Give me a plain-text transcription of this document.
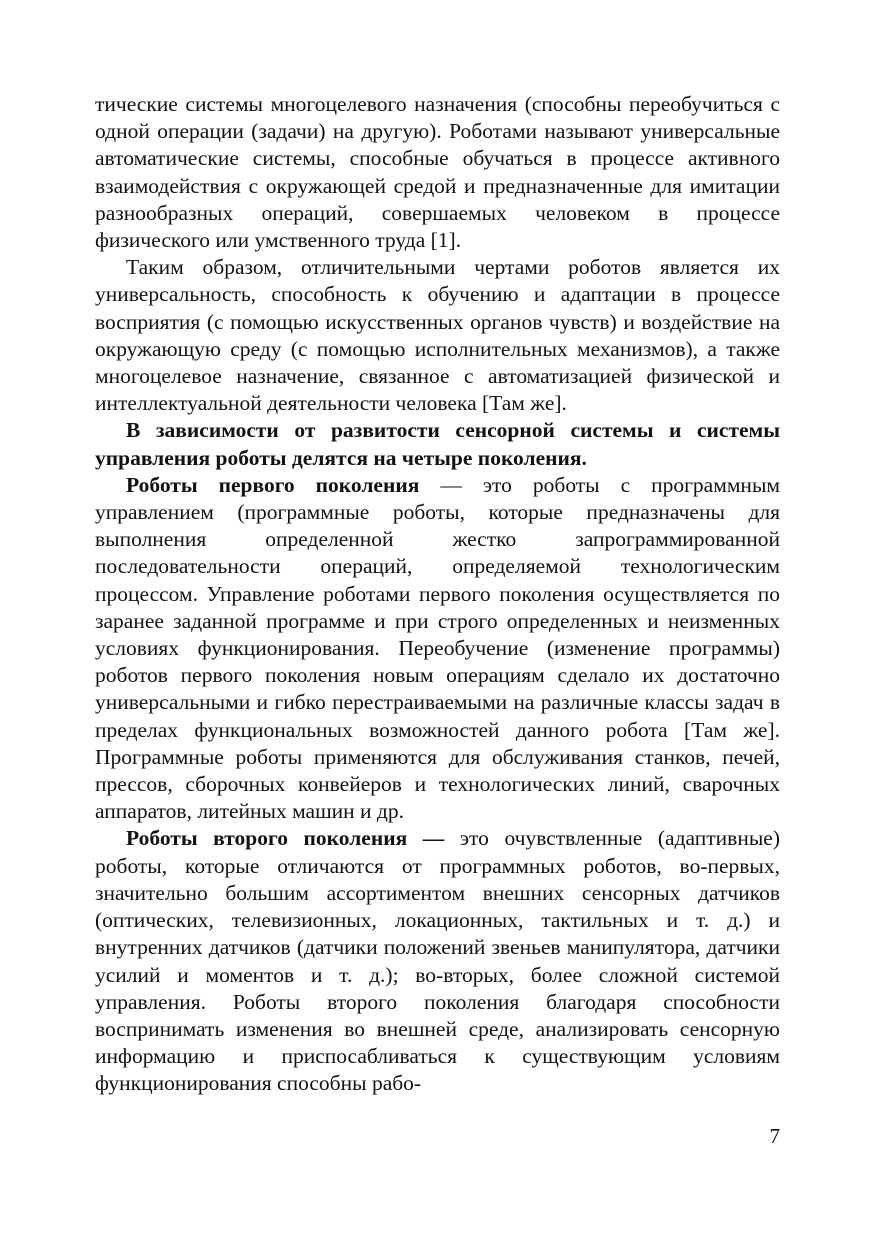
тические системы многоцелевого назначения (способны переобучиться с одной операции (задачи) на другую). Роботами называют универсальные автоматические системы, способные обучаться в процессе активного взаимодействия с окружающей средой и предназначенные для имитации разнообразных операций, совершаемых человеком в процессе физического или умственного труда [1].

Таким образом, отличительными чертами роботов является их универсальность, способность к обучению и адаптации в процессе восприятия (с помощью искусственных органов чувств) и воздействие на окружающую среду (с помощью исполнительных механизмов), а также многоцелевое назначение, связанное с автоматизацией физической и интеллектуальной деятельности человека [Там же].

В зависимости от развитости сенсорной системы и системы управления роботы делятся на четыре поколения.

Роботы первого поколения — это роботы с программным управлением (программные роботы, которые предназначены для выполнения определенной жестко запрограммированной последовательности операций, определяемой технологическим процессом. Управление роботами первого поколения осуществляется по заранее заданной программе и при строго определенных и неизменных условиях функционирования. Переобучение (изменение программы) роботов первого поколения новым операциям сделало их достаточно универсальными и гибко перестраиваемыми на различные классы задач в пределах функциональных возможностей данного робота [Там же]. Программные роботы применяются для обслуживания станков, печей, прессов, сборочных конвейеров и технологических линий, сварочных аппаратов, литейных машин и др.

Роботы второго поколения — это очувствленные (адаптивные) роботы, которые отличаются от программных роботов, во-первых, значительно большим ассортиментом внешних сенсорных датчиков (оптических, телевизионных, локационных, тактильных и т. д.) и внутренних датчиков (датчики положений звеньев манипулятора, датчики усилий и моментов и т. д.); во-вторых, более сложной системой управления. Роботы второго поколения благодаря способности воспринимать изменения во внешней среде, анализировать сенсорную информацию и приспосабливаться к существующим условиям функционирования способны рабо-

7
